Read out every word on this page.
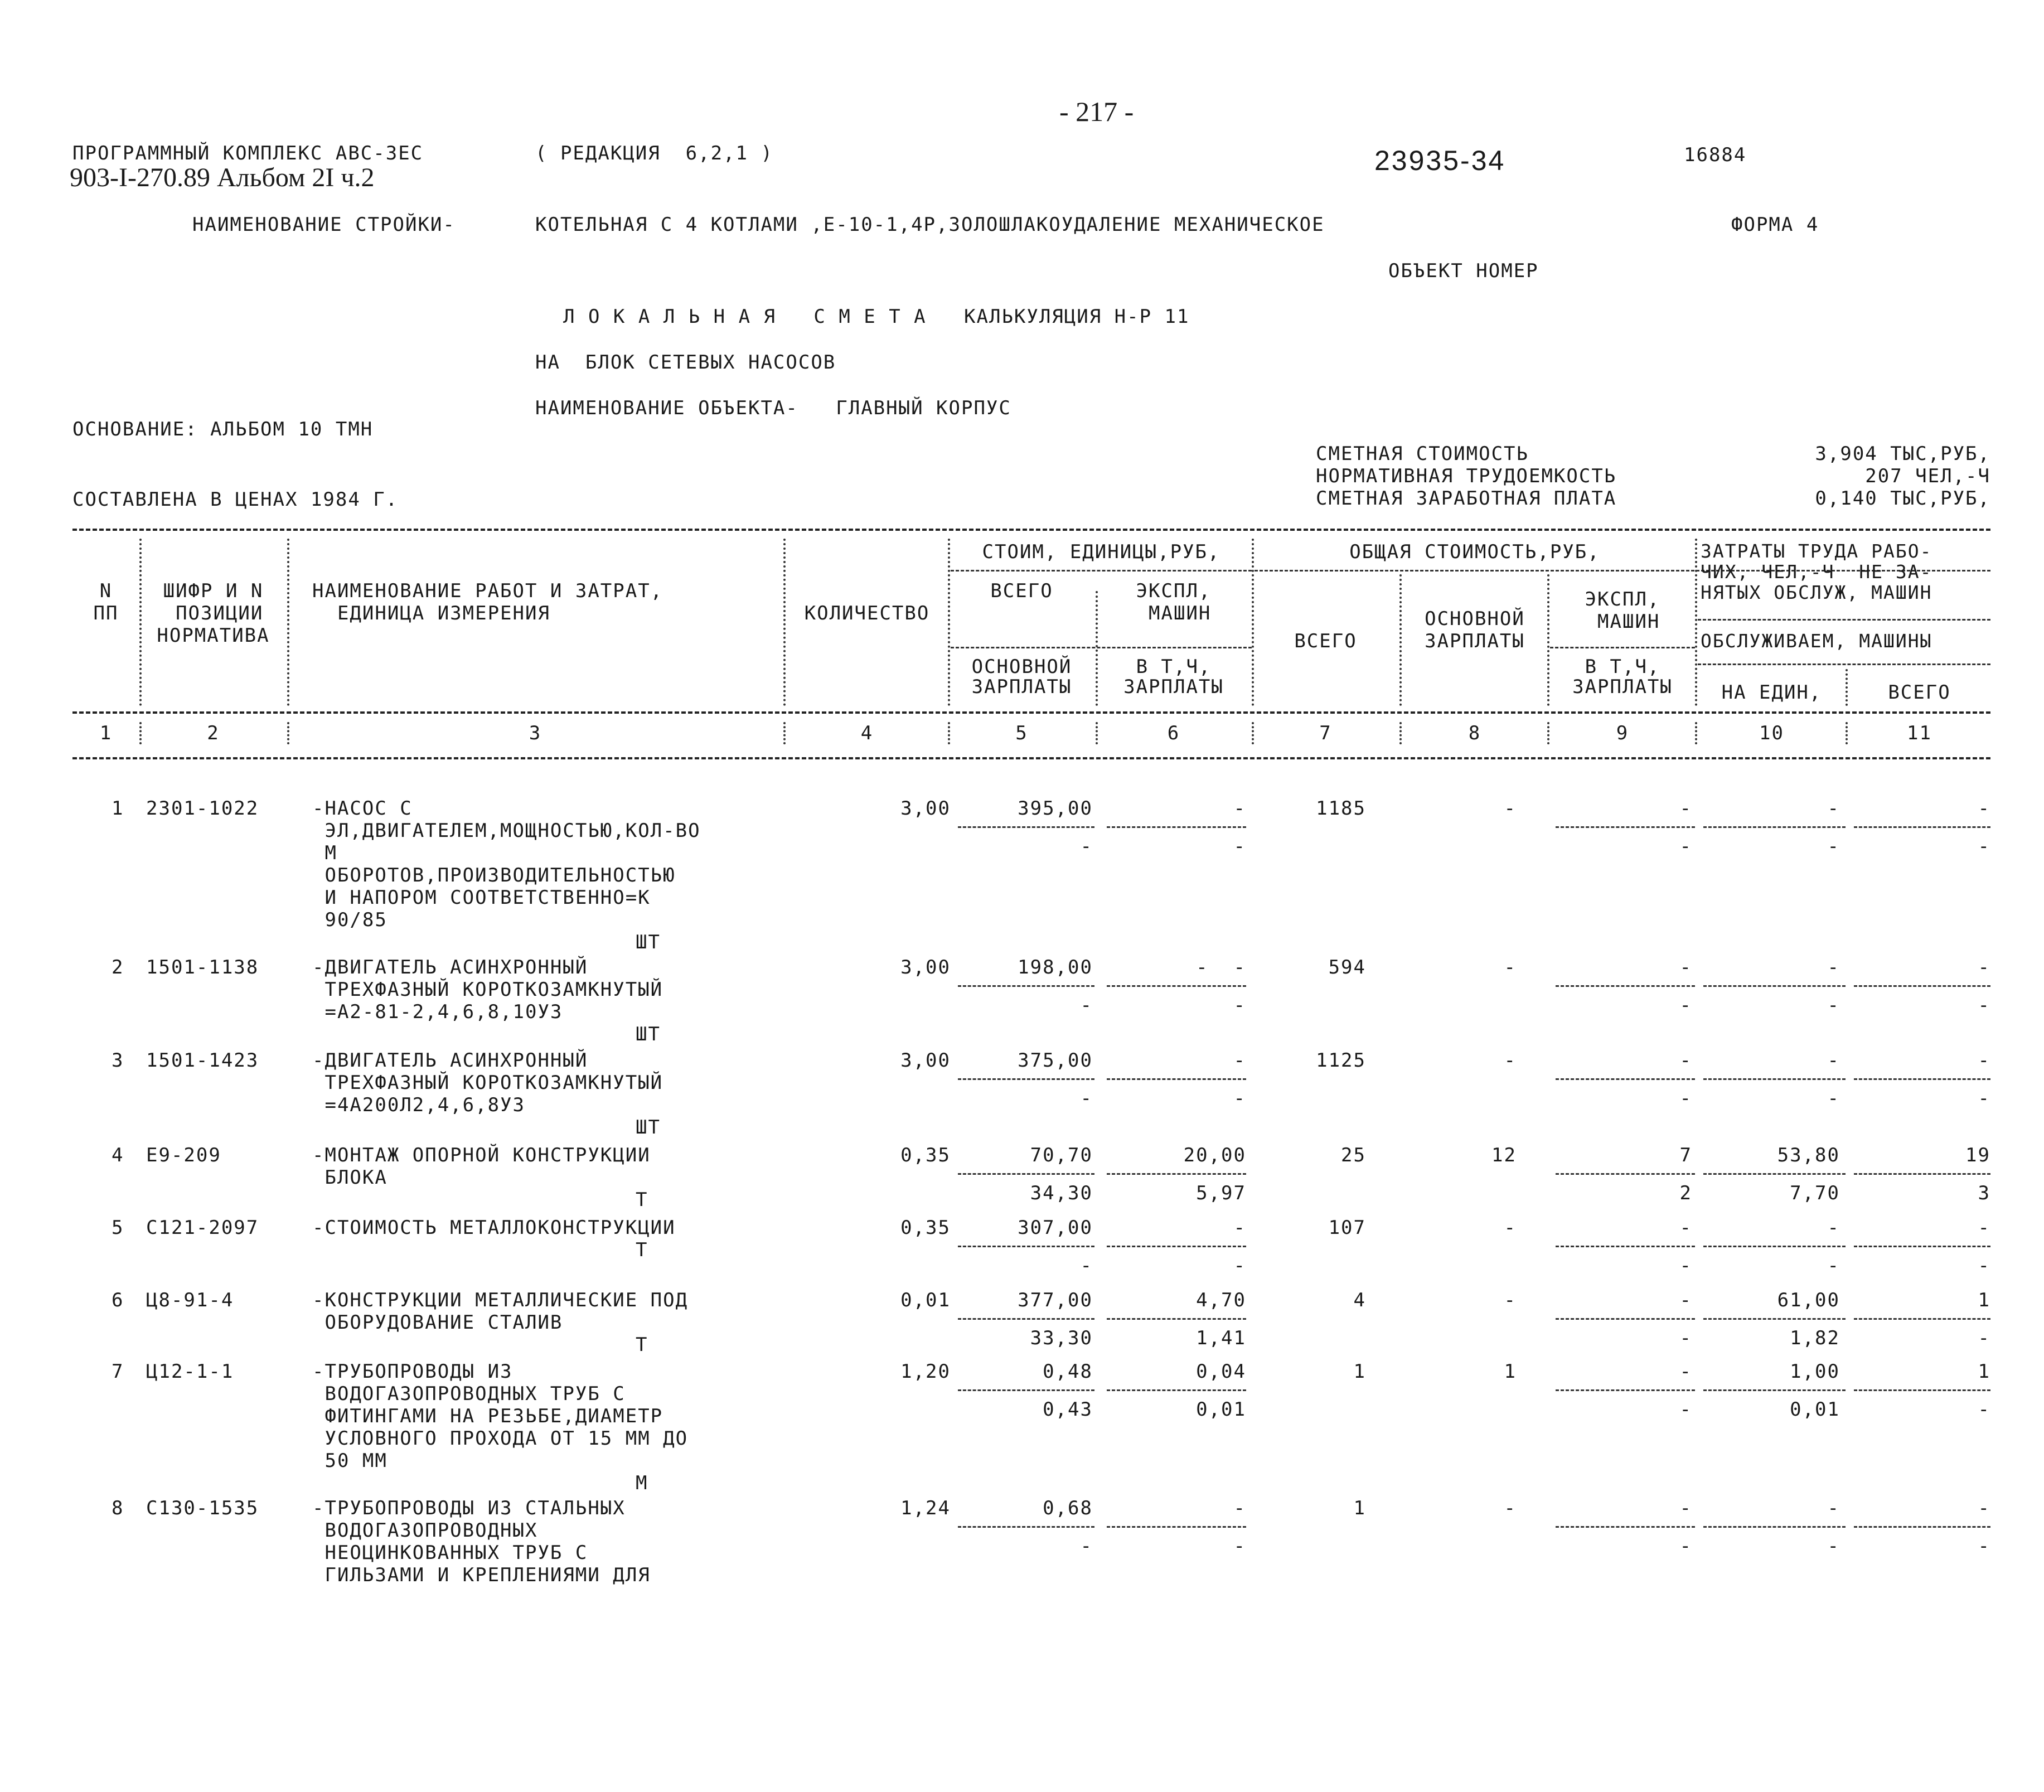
- 217 -
ПРОГРАММНЫЙ КОМПЛЕКС АВС-3ЕС	( РЕДАКЦИЯ  6,2,1 )
903-I-270.89 Альбом 2I ч.2
23935-34	16884
НАИМЕНОВАНИЕ СТРОЙКИ-	КОТЕЛЬНАЯ С 4 КОТЛАМИ ,Е-10-1,4Р,ЗОЛОШЛАКОУДАЛЕНИЕ МЕХАНИЧЕСКОЕ	ФОРМА 4
ОБЪЕКТ НОМЕР
Л О К А Л Ь Н А Я   С М Е Т А   КАЛЬКУЛЯЦИЯ Н-Р 11
НА  БЛОК СЕТЕВЫХ НАСОСОВ
НАИМЕНОВАНИЕ ОБЪЕКТА-   ГЛАВНЫЙ КОРПУС
ОСНОВАНИЕ: АЛЬБОМ 10 ТМН
СОСТАВЛЕНА В ЦЕНАХ 1984 Г.
СМЕТНАЯ СТОИМОСТЬ	3,904 ТЫС,РУБ,
НОРМАТИВНАЯ ТРУДОЕМКОСТЬ	207 ЧЕЛ,-Ч
СМЕТНАЯ ЗАРАБОТНАЯ ПЛАТА	0,140 ТЫС,РУБ,
N
ПП
ШИФР И N
ПОЗИЦИИ
НОРМАТИВА
НАИМЕНОВАНИЕ РАБОТ И ЗАТРАТ,
ЕДИНИЦА ИЗМЕРЕНИЯ	КОЛИЧЕСТВО
СТОИМ, ЕДИНИЦЫ,РУБ,
ВСЕГО	ЭКСПЛ,
МАШИН
ОСНОВНОЙ
ЗАРПЛАТЫ
В Т,Ч,
ЗАРПЛАТЫ
ОБЩАЯ СТОИМОСТЬ,РУБ,
ВСЕГО
ОСНОВНОЙ
ЗАРПЛАТЫ
ЭКСПЛ,
МАШИН
В Т,Ч,
ЗАРПЛАТЫ
ЗАТРАТЫ ТРУДА РАБО-
ЧИХ, ЧЕЛ,-Ч  НЕ ЗА-
НЯТЫХ ОБСЛУЖ, МАШИН
ОБСЛУЖИВАЕМ, МАШИНЫ
НА ЕДИН,	ВСЕГО
1	2	3	4	5	6	7	8	9	10	11
1 2301-1022	-НАСОС С
ЭЛ,ДВИГАТЕЛЕМ,МОЩНОСТЬЮ,КОЛ-ВО
М
ОБОРОТОВ,ПРОИЗВОДИТЕЛЬНОСТЬЮ
И НАПОРОМ СООТВЕТСТВЕННО=К
90/85
ШТ
3,00	395,00	-	1185	-	-	-	-
-	-	-	-	-
2 1501-1138	-ДВИГАТЕЛЬ АСИНХРОННЫЙ
ТРЕХФАЗНЫЙ КОРОТКОЗАМКНУТЫЙ
=А2-81-2,4,6,8,10УЗ
ШТ
3,00	198,00	-  -	594	-	-	-	-
-	-	-	-	-
3 1501-1423	-ДВИГАТЕЛЬ АСИНХРОННЫЙ
ТРЕХФАЗНЫЙ КОРОТКОЗАМКНУТЫЙ
=4А200Л2,4,6,8УЗ
ШТ
3,00	375,00	-	1125	-	-	-	-
-	-	-	-	-
4 Е9-209	-МОНТАЖ ОПОРНОЙ КОНСТРУКЦИИ
БЛОКА
Т
0,35	70,70	20,00	25	12	7	53,80	19
34,30	5,97	2	7,70	3
5 С121-2097	-СТОИМОСТЬ МЕТАЛЛОКОНСТРУКЦИИ
Т
0,35	307,00	-	107	-	-	-	-
-	-	-	-	-
6 Ц8-91-4	-КОНСТРУКЦИИ МЕТАЛЛИЧЕСКИЕ ПОД
ОБОРУДОВАНИЕ СТАЛИВ
Т
0,01	377,00	4,70	4	-	-	61,00	1
33,30	1,41	-	1,82	-
7 Ц12-1-1	-ТРУБОПРОВОДЫ ИЗ
ВОДОГАЗОПРОВОДНЫХ ТРУБ С
ФИТИНГАМИ НА РЕЗЬБЕ,ДИАМЕТР
УСЛОВНОГО ПРОХОДА ОТ 15 ММ ДО
50 ММ
М
1,20	0,48	0,04	1	1	-	1,00	1
0,43	0,01	-	0,01	-
8 С130-1535	-ТРУБОПРОВОДЫ ИЗ СТАЛЬНЫХ
ВОДОГАЗОПРОВОДНЫХ
НЕОЦИНКОВАННЫХ ТРУБ С
ГИЛЬЗАМИ И КРЕПЛЕНИЯМИ ДЛЯ
1,24	0,68	-	1	-	-	-	-
-	-	-	-	-
